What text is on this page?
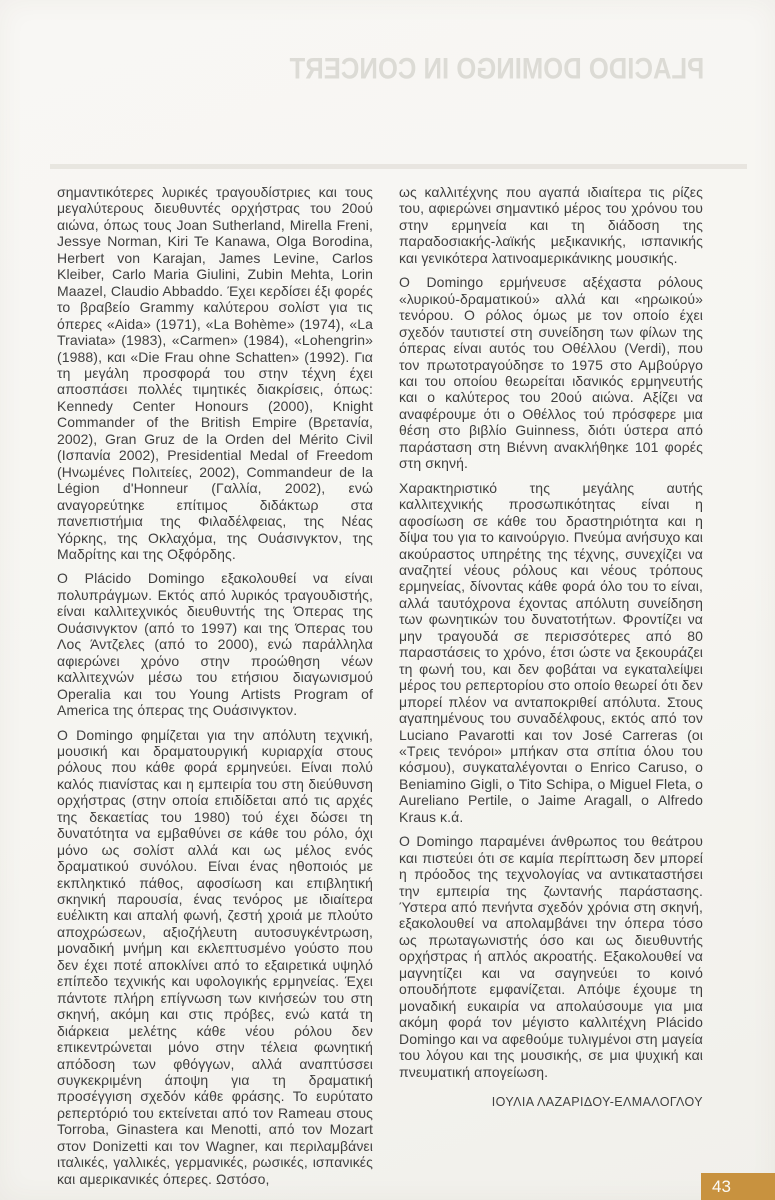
PLACIDO DOMINGO IN CONCERT

σημαντικότερες λυρικές τραγουδίστριες και τους μεγαλύτερους διευθυντές ορχήστρας του 20ού αιώνα, όπως τους Joan Sutherland, Mirella Freni, Jessye Norman, Kiri Te Kanawa, Olga Borodina, Herbert von Karajan, James Levine, Carlos Kleiber, Carlo Maria Giulini, Zubin Mehta, Lorin Maazel, Claudio Abbaddo. Έχει κερδίσει έξι φορές το βραβείο Grammy καλύτερου σολίστ για τις όπερες «Aida» (1971), «La Bohème» (1974), «La Traviata» (1983), «Carmen» (1984), «Lohengrin» (1988), και «Die Frau ohne Schatten» (1992). Για τη μεγάλη προσφορά του στην τέχνη έχει αποσπάσει πολλές τιμητικές διακρίσεις, όπως: Kennedy Center Honours (2000), Knight Commander of the British Empire (Βρετανία, 2002), Gran Gruz de la Orden del Mérito Civil (Ισπανία 2002), Presidential Medal of Freedom (Ηνωμένες Πολιτείες, 2002), Commandeur de la Légion d'Honneur (Γαλλία, 2002), ενώ αναγορεύτηκε επίτιμος διδάκτωρ στα πανεπιστήμια της Φιλαδέλφειας, της Νέας Υόρκης, της Οκλαχόμα, της Ουάσινγκτον, της Μαδρίτης και της Οξφόρδης.

Ο Plácido Domingo εξακολουθεί να είναι πολυπράγμων. Εκτός από λυρικός τραγουδιστής, είναι καλλιτεχνικός διευθυντής της Όπερας της Ουάσινγκτον (από το 1997) και της Όπερας του Λος Άντζελες (από το 2000), ενώ παράλληλα αφιερώνει χρόνο στην προώθηση νέων καλλιτεχνών μέσω του ετήσιου διαγωνισμού Operalia και του Young Artists Program of America της όπερας της Ουάσινγκτον.

Ο Domingo φημίζεται για την απόλυτη τεχνική, μουσική και δραματουργική κυριαρχία στους ρόλους που κάθε φορά ερμηνεύει. Είναι πολύ καλός πιανίστας και η εμπειρία του στη διεύθυνση ορχήστρας (στην οποία επιδίδεται από τις αρχές της δεκαετίας του 1980) τού έχει δώσει τη δυνατότητα να εμβαθύνει σε κάθε του ρόλο, όχι μόνο ως σολίστ αλλά και ως μέλος ενός δραματικού συνόλου. Είναι ένας ηθοποιός με εκπληκτικό πάθος, αφοσίωση και επιβλητική σκηνική παρουσία, ένας τενόρος με ιδιαίτερα ευέλικτη και απαλή φωνή, ζεστή χροιά με πλούτο αποχρώσεων, αξιοζήλευτη αυτοσυγκέντρωση, μοναδική μνήμη και εκλεπτυσμένο γούστο που δεν έχει ποτέ αποκλίνει από το εξαιρετικά υψηλό επίπεδο τεχνικής και υφολογικής ερμηνείας. Έχει πάντοτε πλήρη επίγνωση των κινήσεών του στη σκηνή, ακόμη και στις πρόβες, ενώ κατά τη διάρκεια μελέτης κάθε νέου ρόλου δεν επικεντρώνεται μόνο στην τέλεια φωνητική απόδοση των φθόγγων, αλλά αναπτύσσει συγκεκριμένη άποψη για τη δραματική προσέγγιση σχεδόν κάθε φράσης. Το ευρύτατο ρεπερτόριό του εκτείνεται από τον Rameau στους Torroba, Ginastera και Menotti, από τον Mozart στον Donizetti και τον Wagner, και περιλαμβάνει ιταλικές, γαλλικές, γερμανικές, ρωσικές, ισπανικές και αμερικανικές όπερες. Ωστόσο,

ως καλλιτέχνης που αγαπά ιδιαίτερα τις ρίζες του, αφιερώνει σημαντικό μέρος του χρόνου του στην ερμηνεία και τη διάδοση της παραδοσιακής-λαϊκής μεξικανικής, ισπανικής και γενικότερα λατινοαμερικάνικης μουσικής.

Ο Domingo ερμήνευσε αξέχαστα ρόλους «λυρικού-δραματικού» αλλά και «ηρωικού» τενόρου. Ο ρόλος όμως με τον οποίο έχει σχεδόν ταυτιστεί στη συνείδηση των φίλων της όπερας είναι αυτός του Οθέλλου (Verdi), που τον πρωτοτραγούδησε το 1975 στο Αμβούργο και του οποίου θεωρείται ιδανικός ερμηνευτής και ο καλύτερος του 20ού αιώνα. Αξίζει να αναφέρουμε ότι ο Οθέλλος τού πρόσφερε μια θέση στο βιβλίο Guinness, διότι ύστερα από παράσταση στη Βιέννη ανακλήθηκε 101 φορές στη σκηνή.

Χαρακτηριστικό της μεγάλης αυτής καλλιτεχνικής προσωπικότητας είναι η αφοσίωση σε κάθε του δραστηριότητα και η δίψα του για το καινούργιο. Πνεύμα ανήσυχο και ακούραστος υπηρέτης της τέχνης, συνεχίζει να αναζητεί νέους ρόλους και νέους τρόπους ερμηνείας, δίνοντας κάθε φορά όλο του το είναι, αλλά ταυτόχρονα έχοντας απόλυτη συνείδηση των φωνητικών του δυνατοτήτων. Φροντίζει να μην τραγουδά σε περισσότερες από 80 παραστάσεις το χρόνο, έτσι ώστε να ξεκουράζει τη φωνή του, και δεν φοβάται να εγκαταλείψει μέρος του ρεπερτορίου στο οποίο θεωρεί ότι δεν μπορεί πλέον να ανταποκριθεί απόλυτα. Στους αγαπημένους του συναδέλφους, εκτός από τον Luciano Pavarotti και τον José Carreras (οι «Τρεις τενόροι» μπήκαν στα σπίτια όλου του κόσμου), συγκαταλέγονται ο Enrico Caruso, ο Beniamino Gigli, ο Tito Schipa, ο Miguel Fleta, ο Aureliano Pertile, ο Jaime Aragall, ο Alfredo Kraus κ.ά.

Ο Domingo παραμένει άνθρωπος του θεάτρου και πιστεύει ότι σε καμία περίπτωση δεν μπορεί η πρόοδος της τεχνολογίας να αντικαταστήσει την εμπειρία της ζωντανής παράστασης. Ύστερα από πενήντα σχεδόν χρόνια στη σκηνή, εξακολουθεί να απολαμβάνει την όπερα τόσο ως πρωταγωνιστής όσο και ως διευθυντής ορχήστρας ή απλός ακροατής. Εξακολουθεί να μαγνητίζει και να σαγηνεύει το κοινό οπουδήποτε εμφανίζεται. Απόψε έχουμε τη μοναδική ευκαιρία να απολαύσουμε για μια ακόμη φορά τον μέγιστο καλλιτέχνη Plácido Domingo και να αφεθούμε τυλιγμένοι στη μαγεία του λόγου και της μουσικής, σε μια ψυχική και πνευματική απογείωση.

ΙΟΥΛΙΑ ΛΑΖΑΡΙΔΟΥ-ΕΛΜΑΛΟΓΛΟΥ
43
